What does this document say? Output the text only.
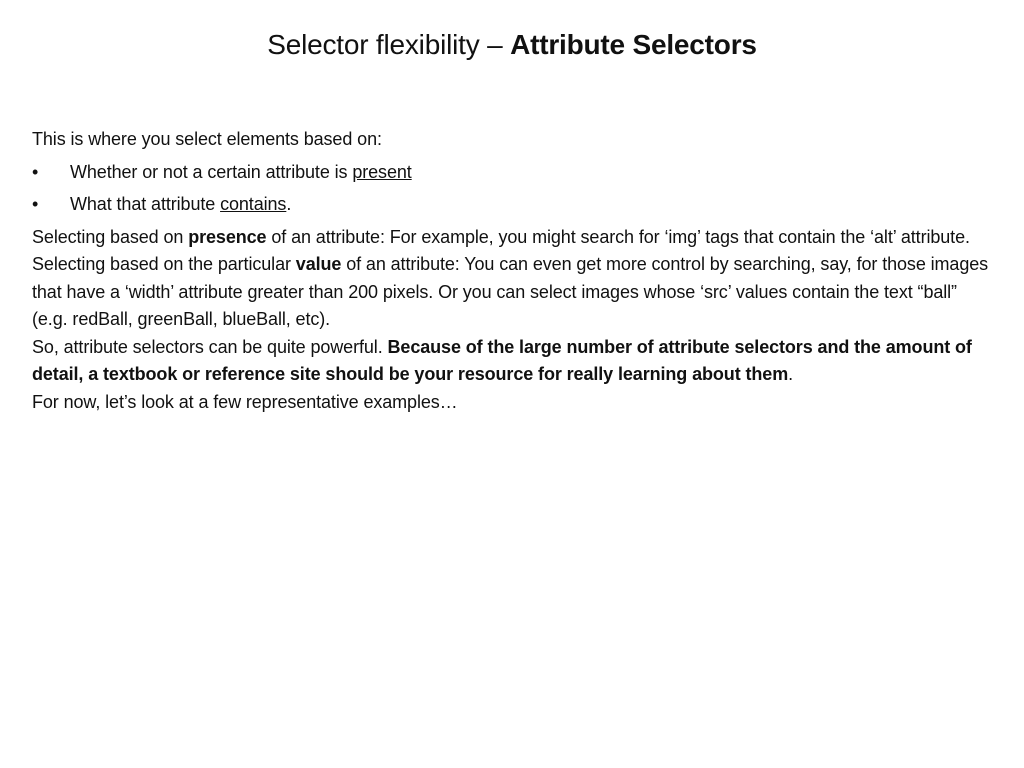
Selector flexibility – Attribute Selectors

This is where you select elements based on:

• Whether or not a certain attribute is present
• What that attribute contains.

Selecting based on presence of an attribute: For example, you might search for ‘img’ tags that contain the ‘alt’ attribute.

Selecting based on the particular value of an attribute: You can even get more control by searching, say, for those images that have a ‘width’ attribute greater than 200 pixels. Or you can select images whose ‘src’ values contain the text “ball” (e.g. redBall, greenBall, blueBall, etc).

So, attribute selectors can be quite powerful. Because of the large number of attribute selectors and the amount of detail, a textbook or reference site should be your resource for really learning about them.

For now, let’s look at a few representative examples…
